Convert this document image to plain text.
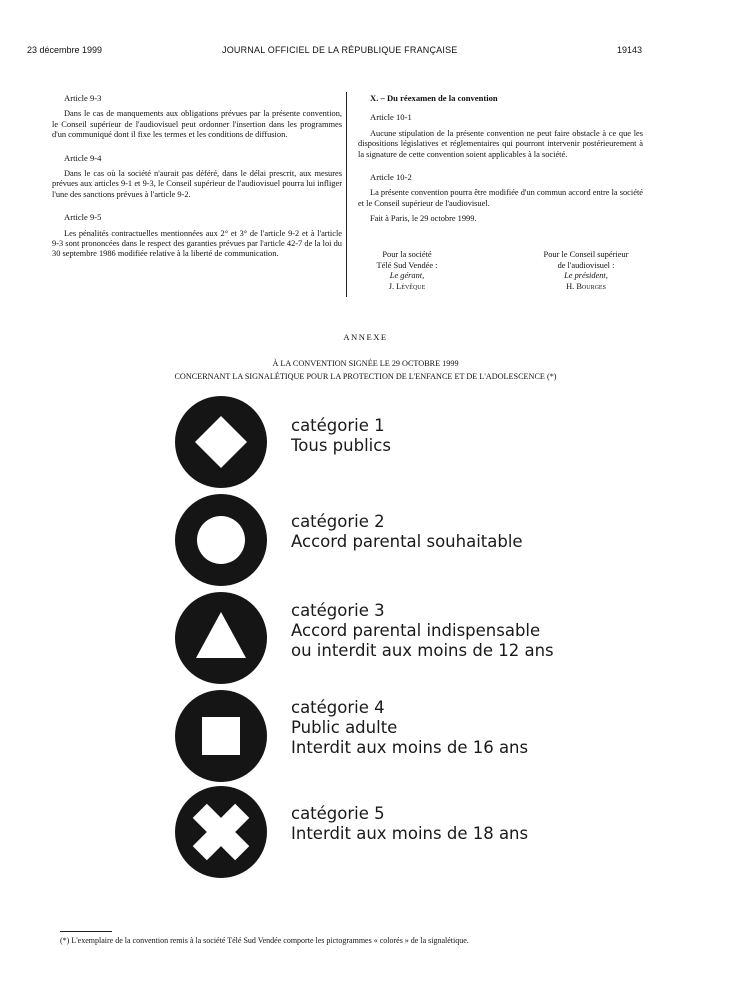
23 décembre 1999	JOURNAL OFFICIEL DE LA RÉPUBLIQUE FRANÇAISE	19143

Article 9-3

Dans le cas de manquements aux obligations prévues par la présente convention, le Conseil supérieur de l'audiovisuel peut ordonner l'insertion dans les programmes d'un communiqué dont il fixe les termes et les conditions de diffusion.

Article 9-4

Dans le cas où la société n'aurait pas déféré, dans le délai prescrit, aux mesures prévues aux articles 9-1 et 9-3, le Conseil supérieur de l'audiovisuel pourra lui infliger l'une des sanctions prévues à l'article 9-2.

Article 9-5

Les pénalités contractuelles mentionnées aux 2° et 3° de l'article 9-2 et à l'article 9-3 sont prononcées dans le respect des garanties prévues par l'article 42-7 de la loi du 30 septembre 1986 modifiée relative à la liberté de communication.

X. – Du réexamen de la convention

Article 10-1

Aucune stipulation de la présente convention ne peut faire obstacle à ce que les dispositions législatives et réglementaires qui pourront intervenir postérieurement à la signature de cette convention soient applicables à la société.

Article 10-2

La présente convention pourra être modifiée d'un commun accord entre la société et le Conseil supérieur de l'audiovisuel.

Fait à Paris, le 29 octobre 1999.

Pour la société
Télé Sud Vendée :
Le gérant,
J. Lévêque
Pour le Conseil supérieur
de l'audiovisuel :
Le président,
H. Bourges
ANNEXE
À LA CONVENTION SIGNÉE LE 29 OCTOBRE 1999
CONCERNANT LA SIGNALÉTIQUE POUR LA PROTECTION DE L'ENFANCE ET DE L'ADOLESCENCE (*)
catégorie 1
Tous publics
catégorie 2
Accord parental souhaitable
catégorie 3
Accord parental indispensable
ou interdit aux moins de 12 ans
catégorie 4
Public adulte
Interdit aux moins de 16 ans
catégorie 5
Interdit aux moins de 18 ans
(*) L'exemplaire de la convention remis à la société Télé Sud Vendée comporte les pictogrammes « colorés » de la signalétique.
